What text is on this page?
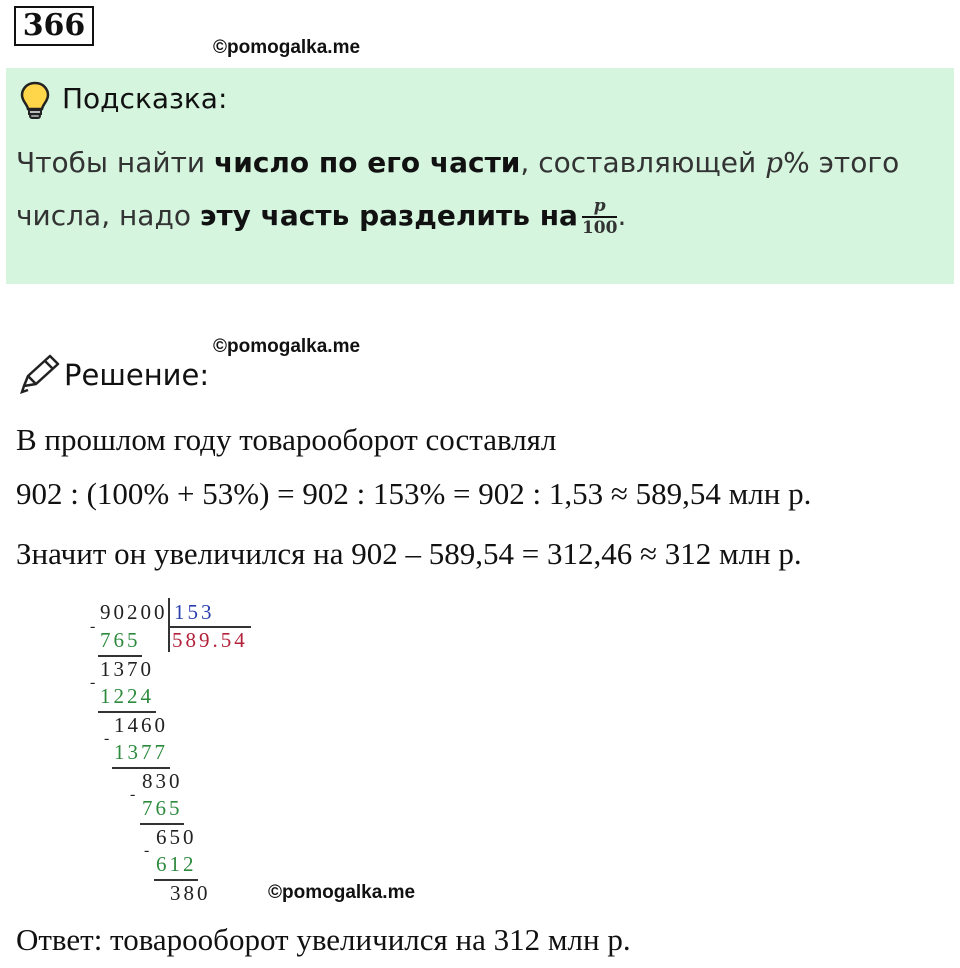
366
©pomogalka.me
Подсказка:
Чтобы найти число по его части, составляющей p% этого
числа, надо эту часть разделить на $\frac{p}{100}$ .
©pomogalka.me
Решение:
В прошлом году товарооборот составлял
902 : (100% + 53%) = 902 : 153% = 902 : 1,53 ≈ 589,54 млн р.
Значит он увеличился на 902 – 589,54 = 312,46 ≈ 312 млн р.
90200 153
589.54
-
765
1370
-
1224
1460
-
1377
830
-
765
650
-
612
380	©pomogalka.me
Ответ: товарооборот увеличился на 312 млн р.
